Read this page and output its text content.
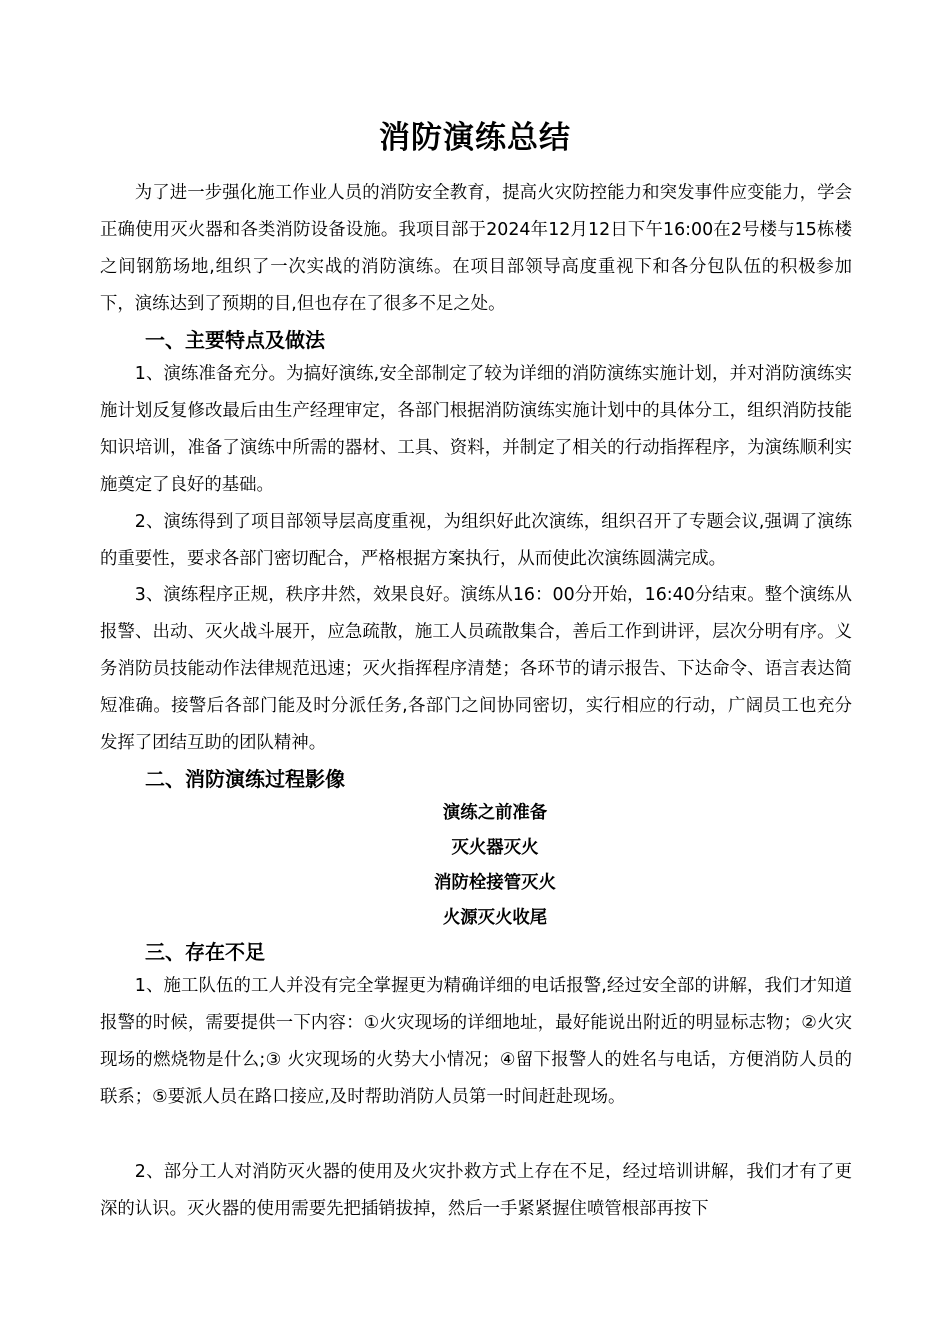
消防演练总结

为了进一步强化施工作业人员的消防安全教育，提高火灾防控能力和突发事件应变能力，学会正确使用灭火器和各类消防设备设施。我项目部于2024年12月12日下午16:00在2号楼与15栋楼之间钢筋场地,组织了一次实战的消防演练。在项目部领导高度重视下和各分包队伍的积极参加下，演练达到了预期的目,但也存在了很多不足之处。

一、主要特点及做法

1、演练准备充分。为搞好演练,安全部制定了较为详细的消防演练实施计划，并对消防演练实施计划反复修改最后由生产经理审定，各部门根据消防演练实施计划中的具体分工，组织消防技能知识培训，准备了演练中所需的器材、工具、资料，并制定了相关的行动指挥程序，为演练顺利实施奠定了良好的基础。

2、演练得到了项目部领导层高度重视，为组织好此次演练，组织召开了专题会议,强调了演练的重要性，要求各部门密切配合，严格根据方案执行，从而使此次演练圆满完成。

3、演练程序正规，秩序井然，效果良好。演练从16：00分开始，16:40分结束。整个演练从报警、出动、灭火战斗展开，应急疏散，施工人员疏散集合，善后工作到讲评，层次分明有序。义务消防员技能动作法律规范迅速；灭火指挥程序清楚；各环节的请示报告、下达命令、语言表达简短准确。接警后各部门能及时分派任务,各部门之间协同密切，实行相应的行动，广阔员工也充分发挥了团结互助的团队精神。

二、消防演练过程影像
演练之前准备
灭火器灭火
消防栓接管灭火
火源灭火收尾
三、存在不足

1、施工队伍的工人并没有完全掌握更为精确详细的电话报警,经过安全部的讲解，我们才知道报警的时候，需要提供一下内容：①火灾现场的详细地址，最好能说出附近的明显标志物；②火灾现场的燃烧物是什么;③ 火灾现场的火势大小情况；④留下报警人的姓名与电话，方便消防人员的联系；⑤要派人员在路口接应,及时帮助消防人员第一时间赶赴现场。

2、部分工人对消防灭火器的使用及火灾扑救方式上存在不足，经过培训讲解，我们才有了更深的认识。灭火器的使用需要先把插销拔掉，然后一手紧紧握住喷管根部再按下
